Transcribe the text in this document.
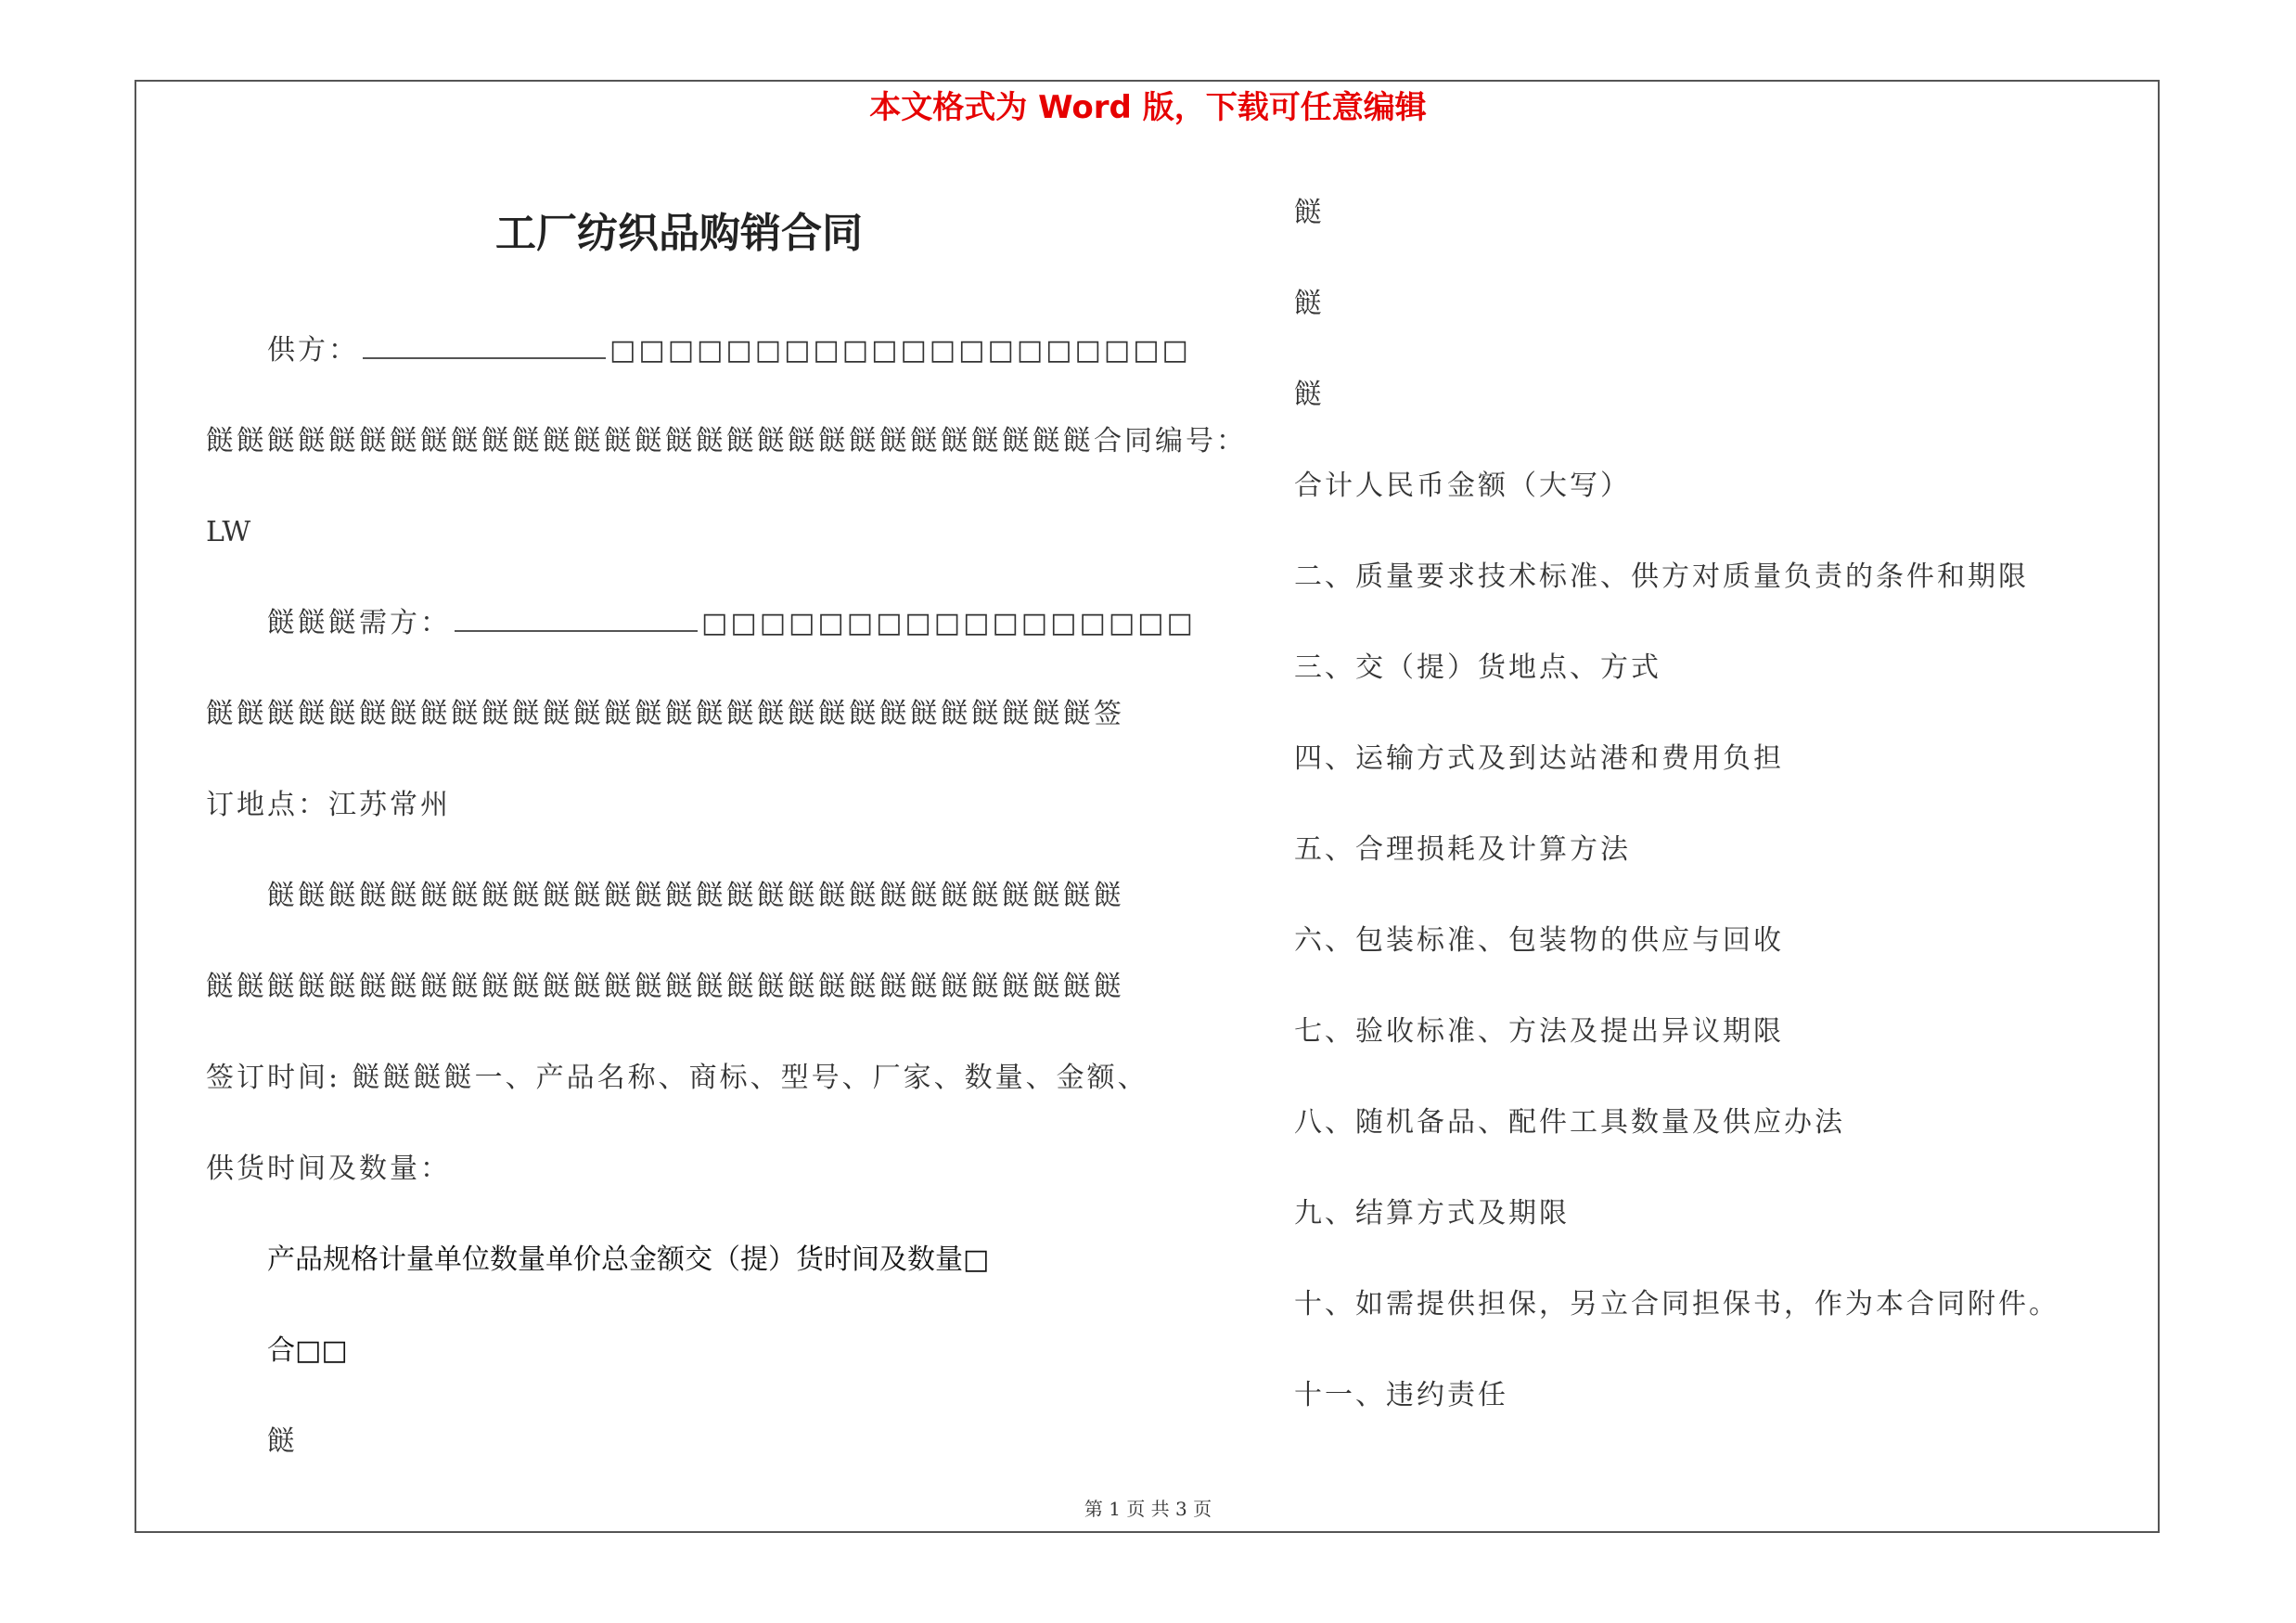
本文格式为 Word 版，下载可任意编辑
工厂纺织品购销合同
供方：	□□□□□□□□□□□□□□□□□□□□
餸餸餸餸餸餸餸餸餸餸餸餸餸餸餸餸餸餸餸餸餸餸餸餸餸餸餸餸餸合同编号：
LW
餸餸餸需方：	□□□□□□□□□□□□□□□□□
餸餸餸餸餸餸餸餸餸餸餸餸餸餸餸餸餸餸餸餸餸餸餸餸餸餸餸餸餸签
订地点：江苏常州
餸餸餸餸餸餸餸餸餸餸餸餸餸餸餸餸餸餸餸餸餸餸餸餸餸餸餸餸
餸餸餸餸餸餸餸餸餸餸餸餸餸餸餸餸餸餸餸餸餸餸餸餸餸餸餸餸餸餸
签订时间: 餸餸餸餸一、产品名称、商标、型号、厂家、数量、金额、
供货时间及数量：
产品规格计量单位数量单价总金额交（提）货时间及数量□
合□□
餸
餸
餸
餸
合计人民币金额（大写）
二、质量要求技术标准、供方对质量负责的条件和期限
三、交（提）货地点、方式
四、运输方式及到达站港和费用负担
五、合理损耗及计算方法
六、包装标准、包装物的供应与回收
七、验收标准、方法及提出异议期限
八、随机备品、配件工具数量及供应办法
九、结算方式及期限
十、如需提供担保，另立合同担保书，作为本合同附件。
十一、违约责任
第 1 页 共 3 页
